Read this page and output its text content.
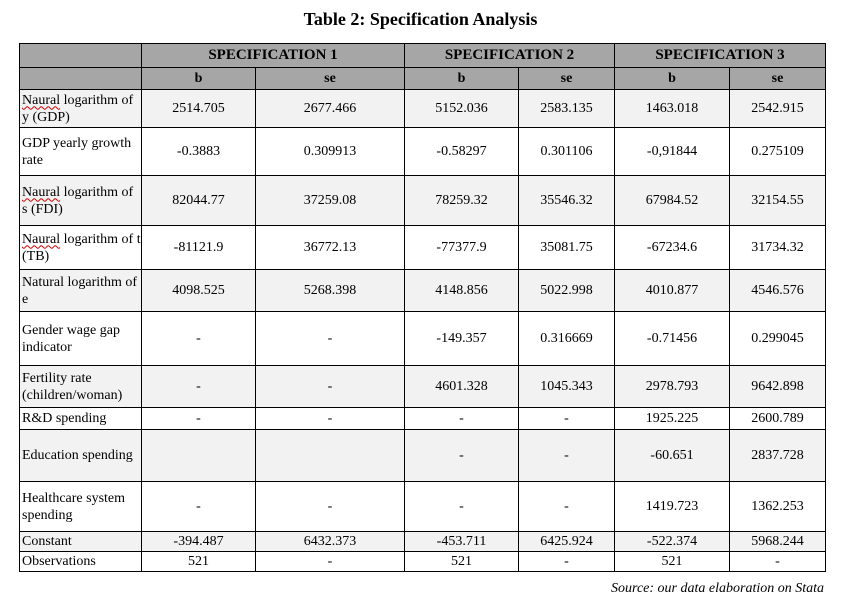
Table 2: Specification Analysis
	SPECIFICATION 1		SPECIFICATION 2		SPECIFICATION 3	
	b	se	b	se	b	se
Naural logarithm of y (GDP)	2514.705	2677.466	5152.036	2583.135	1463.018	2542.915
GDP yearly growth rate	-0.3883	0.309913	-0.58297	0.301106	-0,91844	0.275109
Naural logarithm of s (FDI)	82044.77	37259.08	78259.32	35546.32	67984.52	32154.55
Naural logarithm of t (TB)	-81121.9	36772.13	-77377.9	35081.75	-67234.6	31734.32
Natural logarithm of e	4098.525	5268.398	4148.856	5022.998	4010.877	4546.576
Gender wage gap indicator	-	-	-149.357	0.316669	-0.71456	0.299045
Fertility rate (children/woman)	-	-	4601.328	1045.343	2978.793	9642.898
R&D spending	-	-	-	-	1925.225	2600.789
Education spending			-	-	-60.651	2837.728
Healthcare system spending	-	-	-	-	1419.723	1362.253
Constant	-394.487	6432.373	-453.711	6425.924	-522.374	5968.244
Observations	521	-	521	-	521	-
Source: our data elaboration on Stata
